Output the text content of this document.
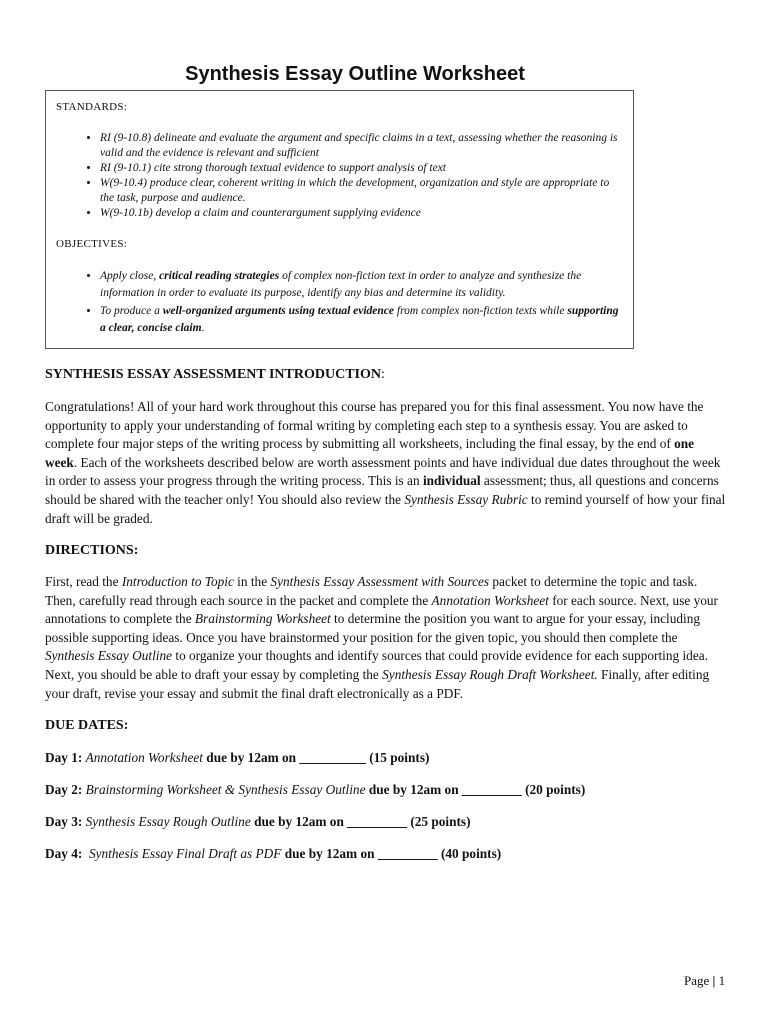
Synthesis Essay Outline Worksheet

STANDARDS:

• RI (9-10.8) delineate and evaluate the argument and specific claims in a text, assessing whether the reasoning is valid and the evidence is relevant and sufficient
• RI (9-10.1) cite strong thorough textual evidence to support analysis of text
• W(9-10.4) produce clear, coherent writing in which the development, organization and style are appropriate to the task, purpose and audience.
• W(9-10.1b) develop a claim and counterargument supplying evidence

OBJECTIVES:

• Apply close, critical reading strategies of complex non-fiction text in order to analyze and synthesize the information in order to evaluate its purpose, identify any bias and determine its validity.
• To produce a well-organized arguments using textual evidence from complex non-fiction texts while supporting a clear, concise claim.

SYNTHESIS ESSAY ASSESSMENT INTRODUCTION:

Congratulations! All of your hard work throughout this course has prepared you for this final assessment. You now have the opportunity to apply your understanding of formal writing by completing each step to a synthesis essay. You are asked to complete four major steps of the writing process by submitting all worksheets, including the final essay, by the end of one week. Each of the worksheets described below are worth assessment points and have individual due dates throughout the week in order to assess your progress through the writing process. This is an individual assessment; thus, all questions and concerns should be shared with the teacher only! You should also review the Synthesis Essay Rubric to remind yourself of how your final draft will be graded.

DIRECTIONS:

First, read the Introduction to Topic in the Synthesis Essay Assessment with Sources packet to determine the topic and task. Then, carefully read through each source in the packet and complete the Annotation Worksheet for each source. Next, use your annotations to complete the Brainstorming Worksheet to determine the position you want to argue for your essay, including possible supporting ideas. Once you have brainstormed your position for the given topic, you should then complete the Synthesis Essay Outline to organize your thoughts and identify sources that could provide evidence for each supporting idea. Next, you should be able to draft your essay by completing the Synthesis Essay Rough Draft Worksheet. Finally, after editing your draft, revise your essay and submit the final draft electronically as a PDF.

DUE DATES:

Day 1: Annotation Worksheet due by 12am on __________ (15 points)

Day 2: Brainstorming Worksheet & Synthesis Essay Outline due by 12am on _________ (20 points)

Day 3: Synthesis Essay Rough Outline due by 12am on _________ (25 points)

Day 4: Synthesis Essay Final Draft as PDF due by 12am on _________ (40 points)

Page | 1
